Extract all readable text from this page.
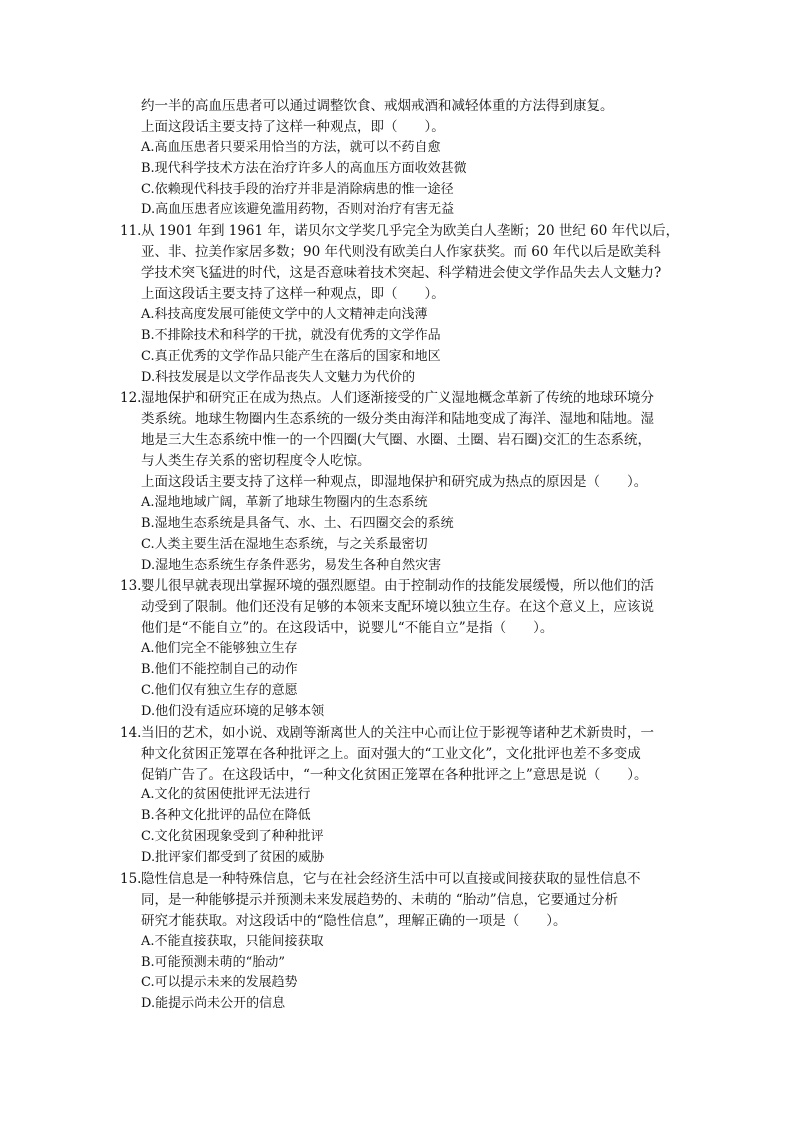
约一半的高血压患者可以通过调整饮食、戒烟戒酒和减轻体重的方法得到康复。
上面这段话主要支持了这样一种观点，即（　　）。
A.高血压患者只要采用恰当的方法，就可以不药自愈
B.现代科学技术方法在治疗许多人的高血压方面收效甚微
C.依赖现代科技手段的治疗并非是消除病患的惟一途径
D.高血压患者应该避免滥用药物，否则对治疗有害无益
11.从 1901 年到 1961 年，诺贝尔文学奖几乎完全为欧美白人垄断；20 世纪 60 年代以后，
亚、非、拉美作家居多数；90 年代则没有欧美白人作家获奖。而 60 年代以后是欧美科
学技术突飞猛进的时代，这是否意味着技术突起、科学精进会使文学作品失去人文魅力?
上面这段话主要支持了这样一种观点，即（　　）。
A.科技高度发展可能使文学中的人文精神走向浅薄
B.不排除技术和科学的干扰，就没有优秀的文学作品
C.真正优秀的文学作品只能产生在落后的国家和地区
D.科技发展是以文学作品丧失人文魅力为代价的
12.湿地保护和研究正在成为热点。人们逐渐接受的广义湿地概念革新了传统的地球环境分
类系统。地球生物圈内生态系统的一级分类由海洋和陆地变成了海洋、湿地和陆地。湿
地是三大生态系统中惟一的一个四圈(大气圈、水圈、土圈、岩石圈)交汇的生态系统，
与人类生存关系的密切程度令人吃惊。
上面这段话主要支持了这样一种观点，即湿地保护和研究成为热点的原因是（　　）。
A.湿地地域广阔，革新了地球生物圈内的生态系统
B.湿地生态系统是具备气、水、土、石四圈交会的系统
C.人类主要生活在湿地生态系统，与之关系最密切
D.湿地生态系统生存条件恶劣，易发生各种自然灾害
13.婴儿很早就表现出掌握环境的强烈愿望。由于控制动作的技能发展缓慢，所以他们的活
动受到了限制。他们还没有足够的本领来支配环境以独立生存。在这个意义上，应该说
他们是“不能自立”的。在这段话中，说婴儿“不能自立”是指（　　）。
A.他们完全不能够独立生存
B.他们不能控制自己的动作
C.他们仅有独立生存的意愿
D.他们没有适应环境的足够本领
14.当旧的艺术，如小说、戏剧等渐离世人的关注中心而让位于影视等诸种艺术新贵时，一
种文化贫困正笼罩在各种批评之上。面对强大的“工业文化”，文化批评也差不多变成
促销广告了。在这段话中，“一种文化贫困正笼罩在各种批评之上”意思是说（　　）。
A.文化的贫困使批评无法进行
B.各种文化批评的品位在降低
C.文化贫困现象受到了种种批评
D.批评家们都受到了贫困的威胁
15.隐性信息是一种特殊信息，它与在社会经济生活中可以直接或间接获取的显性信息不
同，是一种能够提示并预测未来发展趋势的、未萌的 “胎动”信息，它要通过分析
研究才能获取。对这段话中的“隐性信息”，理解正确的一项是（　　）。
A.不能直接获取，只能间接获取
B.可能预测未萌的“胎动”
C.可以提示未来的发展趋势
D.能提示尚未公开的信息
